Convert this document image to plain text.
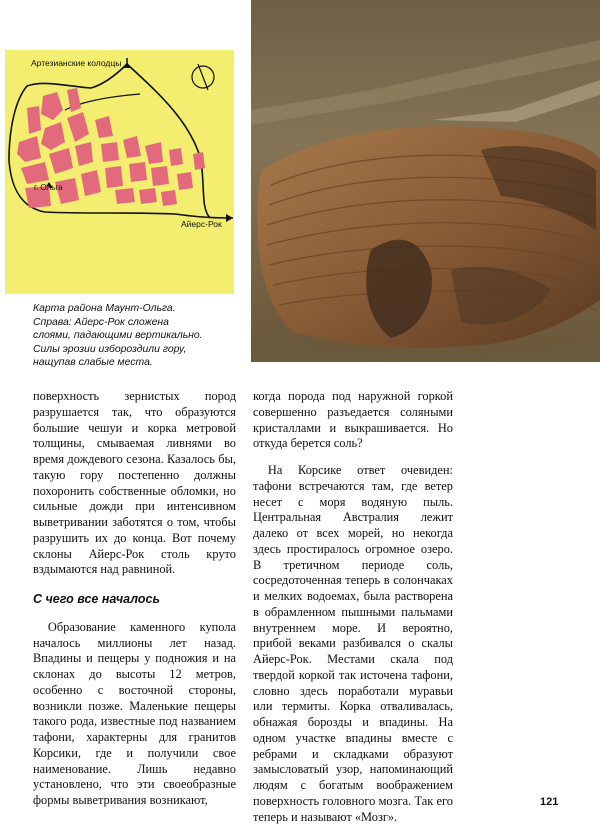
Артезианские колодцы
г. Ольга
Айерс-Рок

Карта района Маунт-Ольга.

Справа: Айерс-Рок сложена

слоями, падающими вертикально.

Силы эрозии избороздили гору,

нащупав слабые места.

поверхность зернистых пород разрушается так, что образуются большие чешуи и корка метровой толщины, смываемая ливнями во время дождевого сезона. Казалось бы, такую гору постепенно должны похоронить собственные обломки, но сильные дожди при интенсивном выветривании заботятся о том, чтобы разрушить их до конца. Вот почему склоны Айерс-Рок столь круто вздымаются над равниной.

С чего все началось

Образование каменного купола началось миллионы лет назад. Впадины и пещеры у подножия и на склонах до высоты 12 метров, особенно с восточной стороны, возникли позже. Маленькие пещеры такого рода, известные под названием тафони, характерны для гранитов Корсики, где и получили свое наименование. Лишь недавно установлено, что эти своеобразные формы выветривания возникают,

когда порода под наружной горкой совершенно разъедается соляными кристаллами и выкрашивается. Но откуда берется соль?

На Корсике ответ очевиден: тафони встречаются там, где ветер несет с моря водяную пыль. Центральная Австралия лежит далеко от всех морей, но некогда здесь простиралось огромное озеро. В третичном периоде соль, сосредоточенная теперь в солончаках и мелких водоемах, была растворена в обрамленном пышными пальмами внутреннем море. И вероятно, прибой веками разбивался о скалы Айерс-Рок. Местами скала под твердой коркой так источена тафони, словно здесь поработали муравьи или термиты. Корка отваливалась, обнажая борозды и впадины. На одном участке впадины вместе с ребрами и складками образуют замысловатый узор, напоминающий людям с богатым воображением поверхность головного мозга. Так его теперь и называют «Мозг».

121
